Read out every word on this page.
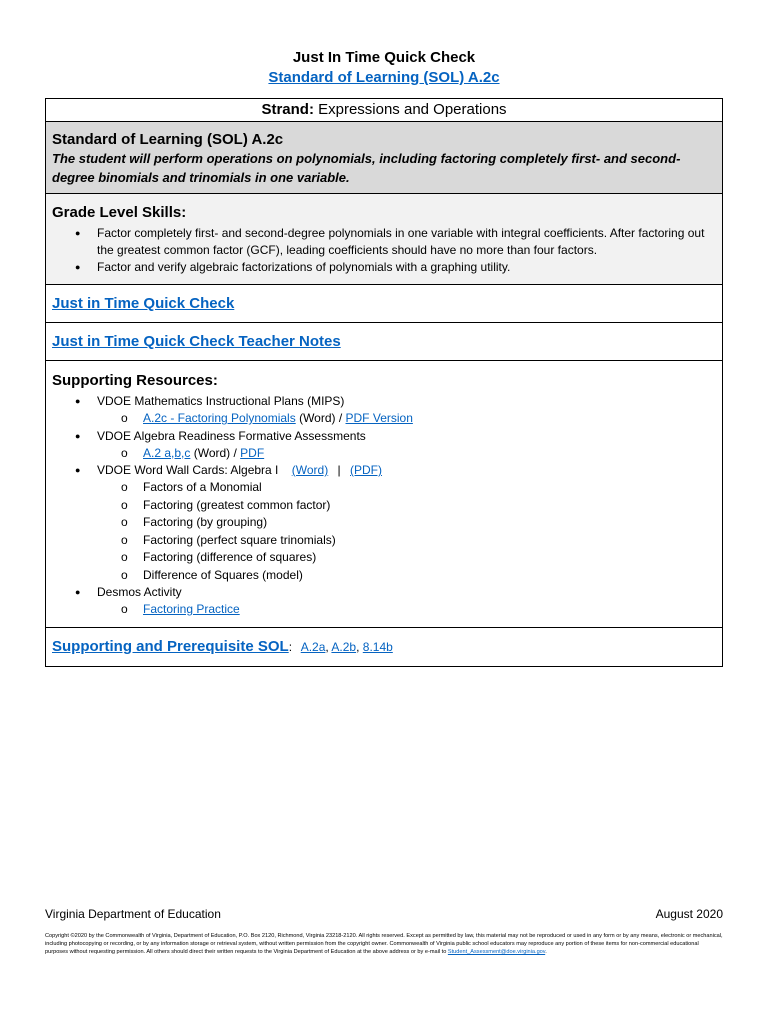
Just In Time Quick Check
Standard of Learning (SOL) A.2c
Strand: Expressions and Operations

Standard of Learning (SOL) A.2c
The student will perform operations on polynomials, including factoring completely first- and second-degree binomials and trinomials in one variable.

Grade Level Skills:
● Factor completely first- and second-degree polynomials in one variable with integral coefficients. After factoring out the greatest common factor (GCF), leading coefficients should have no more than four factors.
● Factor and verify algebraic factorizations of polynomials with a graphing utility.

Just in Time Quick Check
Just in Time Quick Check Teacher Notes

Supporting Resources:
● VDOE Mathematics Instructional Plans (MIPS)
o A.2c - Factoring Polynomials (Word) / PDF Version
● VDOE Algebra Readiness Formative Assessments
o A.2 a,b,c (Word) / PDF
● VDOE Word Wall Cards: Algebra I (Word) | (PDF)
o Factors of a Monomial
o Factoring (greatest common factor)
o Factoring (by grouping)
o Factoring (perfect square trinomials)
o Factoring (difference of squares)
o Difference of Squares (model)
● Desmos Activity
o Factoring Practice

Supporting and Prerequisite SOL: A.2a, A.2b, 8.14b
Virginia Department of Education	August 2020
Copyright ©2020 by the Commonwealth of Virginia, Department of Education, P.O. Box 2120, Richmond, Virginia 23218-2120. All rights reserved. Except as permitted by law, this material may not be reproduced or used in any form or by any means, electronic or mechanical, including photocopying or recording, or by any information storage or retrieval system, without written permission from the copyright owner. Commonwealth of Virginia public school educators may reproduce any portion of these items for non-commercial educational purposes without requesting permission. All others should direct their written requests to the Virginia Department of Education at the above address or by e-mail to Student_Assessment@doe.virginia.gov.
